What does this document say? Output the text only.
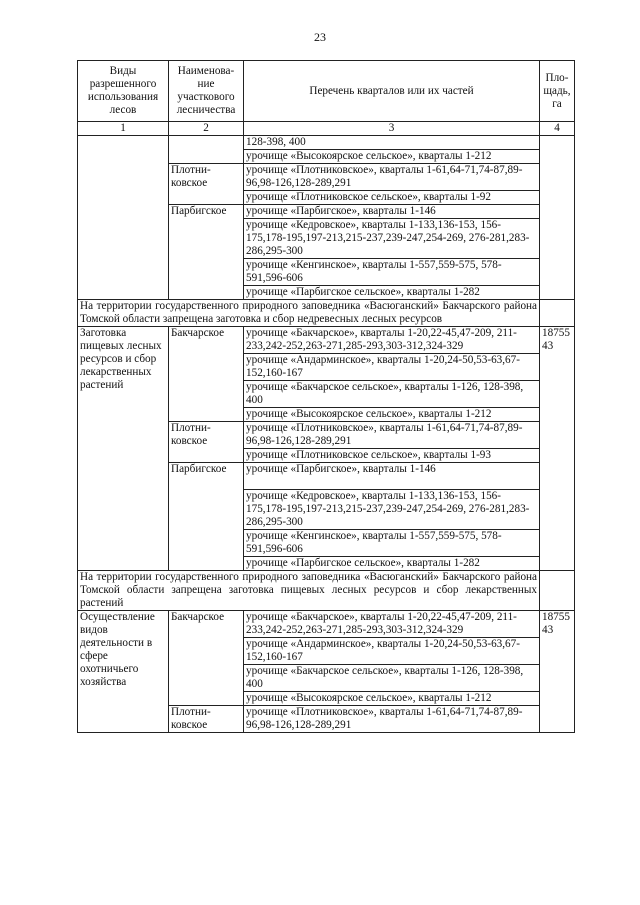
23
Виды разрешенного использования лесов	Наименова-ние участкового лесничества	Перечень кварталов или их частей	Пло-щадь, га
1	2	3	4
		128-398, 400	
		урочище «Высокоярское сельское», кварталы 1-212	
	Плотни-ковское	урочище «Плотниковское», кварталы 1-61,64-71,74-87,89-96,98-126,128-289,291	
		урочище «Плотниковское сельское», кварталы 1-92	
	Парбигское	урочище «Парбигское», кварталы 1-146	
		урочище «Кедровское», кварталы 1-133,136-153, 156-175,178-195,197-213,215-237,239-247,254-269, 276-281,283-286,295-300	
		урочище «Кенгинское», кварталы 1-557,559-575, 578-591,596-606	
		урочище «Парбигское сельское», кварталы 1-282	
На территории государственного природного заповедника «Васюганский» Бакчарского района Томской области запрещена заготовка и сбор недревесных лесных ресурсов			
Заготовка пищевых лесных ресурсов и сбор лекарственных растений	Бакчарское	урочище «Бакчарское», кварталы 1-20,22-45,47-209, 211-233,242-252,263-271,285-293,303-312,324-329	1875543
		урочище «Андарминское», кварталы 1-20,24-50,53-63,67-152,160-167	
		урочище «Бакчарское сельское», кварталы 1-126, 128-398, 400	
		урочище «Высокоярское сельское», кварталы 1-212	
	Плотни-ковское	урочище «Плотниковское», кварталы 1-61,64-71,74-87,89-96,98-126,128-289,291	
		урочище «Плотниковское сельское», кварталы 1-93	
	Парбигское	урочище «Парбигское», кварталы 1-146	
		урочище «Кедровское», кварталы 1-133,136-153, 156-175,178-195,197-213,215-237,239-247,254-269, 276-281,283-286,295-300	
		урочище «Кенгинское», кварталы 1-557,559-575, 578-591,596-606	
		урочище «Парбигское сельское», кварталы 1-282	
На территории государственного природного заповедника «Васюганский» Бакчарского района Томской области запрещена заготовка пищевых лесных ресурсов и сбор лекарственных растений			
Осуществление видов деятельности в сфере охотничьего хозяйства	Бакчарское	урочище «Бакчарское», кварталы 1-20,22-45,47-209, 211-233,242-252,263-271,285-293,303-312,324-329	1875543
		урочище «Андарминское», кварталы 1-20,24-50,53-63,67-152,160-167	
		урочище «Бакчарское сельское», кварталы 1-126, 128-398, 400	
		урочище «Высокоярское сельское», кварталы 1-212	
	Плотни-ковское	урочище «Плотниковское», кварталы 1-61,64-71,74-87,89-96,98-126,128-289,291	
